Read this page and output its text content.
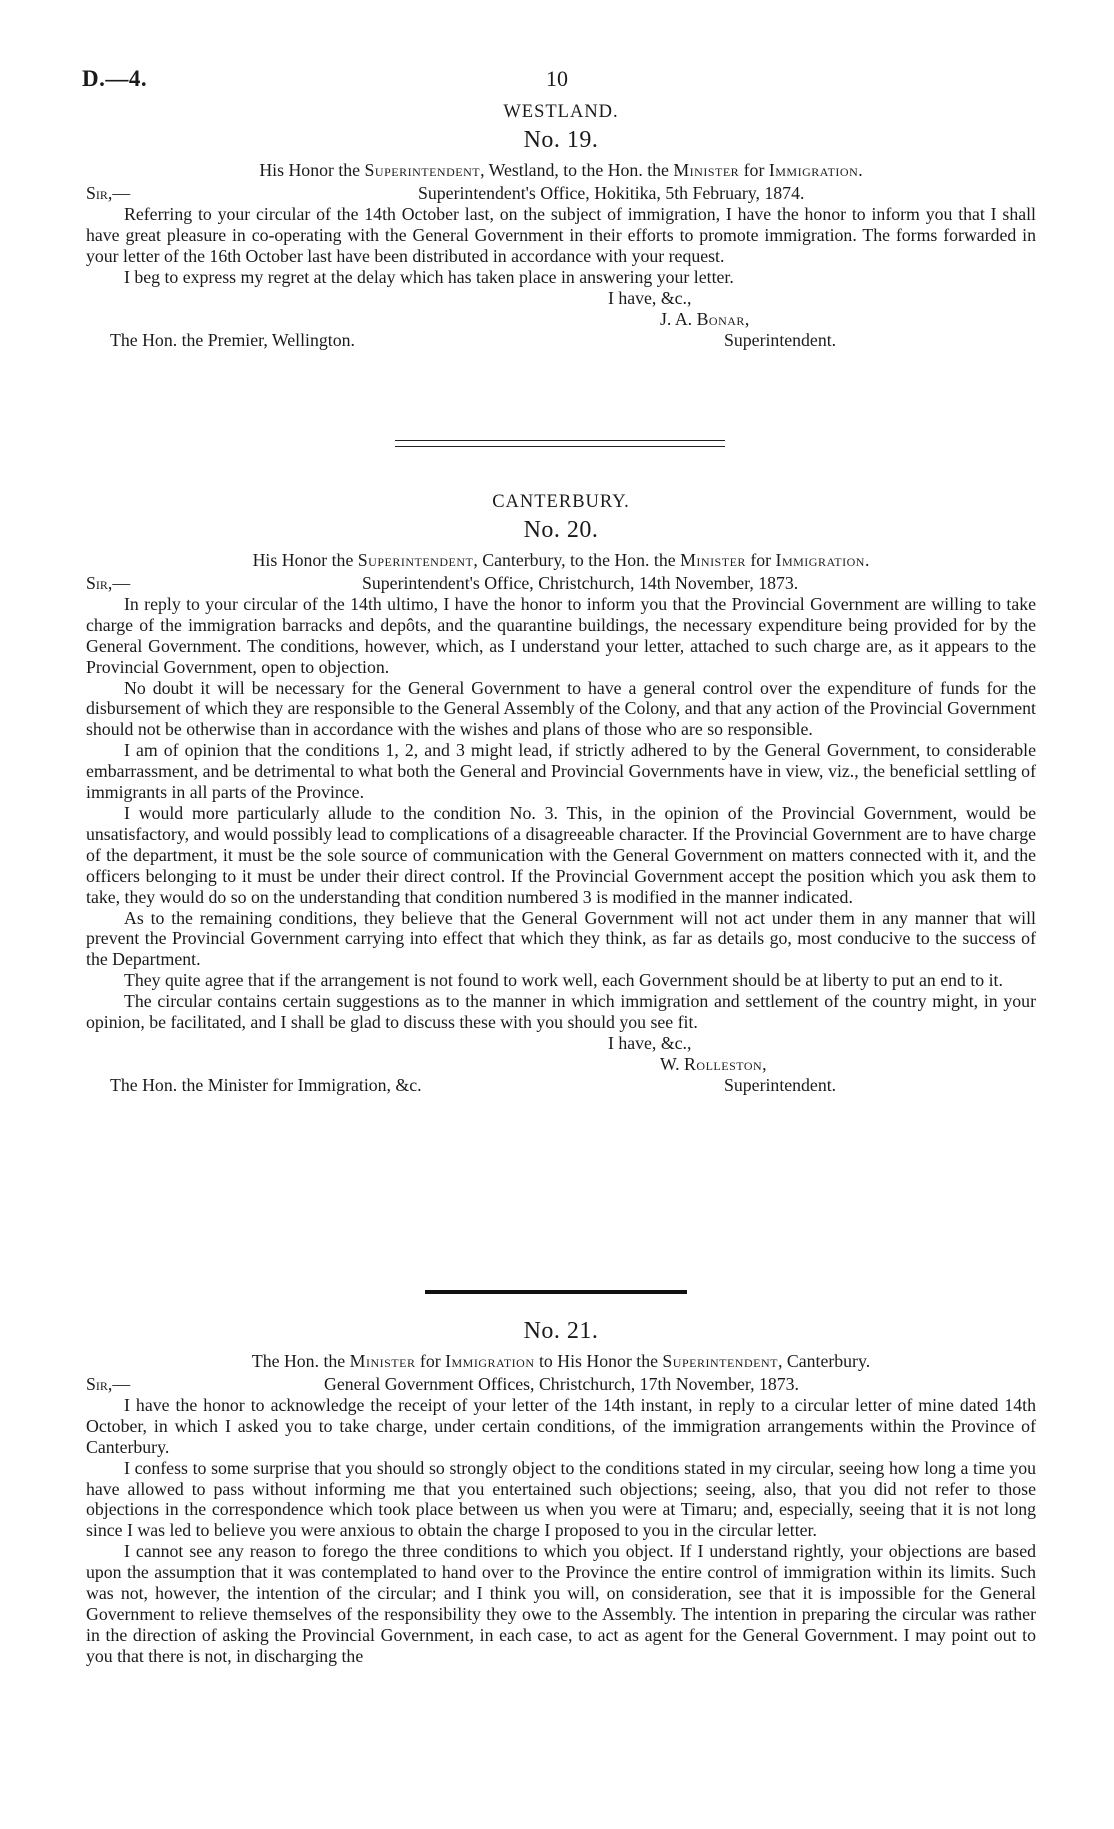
D.—4.	10
WESTLAND.
No. 19.
His Honor the Superintendent, Westland, to the Hon. the Minister for Immigration.
Sir,—	Superintendent's Office, Hokitika, 5th February, 1874.

Referring to your circular of the 14th October last, on the subject of immigration, I have the honor to inform you that I shall have great pleasure in co-operating with the General Government in their efforts to promote immigration. The forms forwarded in your letter of the 16th October last have been distributed in accordance with your request.

I beg to express my regret at the delay which has taken place in answering your letter.

I have, &c.,
J. A. Bonar,
The Hon. the Premier, Wellington.	Superintendent.
CANTERBURY.
No. 20.
His Honor the Superintendent, Canterbury, to the Hon. the Minister for Immigration.
Sir,—	Superintendent's Office, Christchurch, 14th November, 1873.

In reply to your circular of the 14th ultimo, I have the honor to inform you that the Provincial Government are willing to take charge of the immigration barracks and depôts, and the quarantine buildings, the necessary expenditure being provided for by the General Government. The conditions, however, which, as I understand your letter, attached to such charge are, as it appears to the Provincial Government, open to objection.

No doubt it will be necessary for the General Government to have a general control over the expenditure of funds for the disbursement of which they are responsible to the General Assembly of the Colony, and that any action of the Provincial Government should not be otherwise than in accordance with the wishes and plans of those who are so responsible.

I am of opinion that the conditions 1, 2, and 3 might lead, if strictly adhered to by the General Government, to considerable embarrassment, and be detrimental to what both the General and Provincial Governments have in view, viz., the beneficial settling of immigrants in all parts of the Province.

I would more particularly allude to the condition No. 3. This, in the opinion of the Provincial Government, would be unsatisfactory, and would possibly lead to complications of a disagreeable character. If the Provincial Government are to have charge of the department, it must be the sole source of communication with the General Government on matters connected with it, and the officers belonging to it must be under their direct control. If the Provincial Government accept the position which you ask them to take, they would do so on the understanding that condition numbered 3 is modified in the manner indicated.

As to the remaining conditions, they believe that the General Government will not act under them in any manner that will prevent the Provincial Government carrying into effect that which they think, as far as details go, most conducive to the success of the Department.

They quite agree that if the arrangement is not found to work well, each Government should be at liberty to put an end to it.

The circular contains certain suggestions as to the manner in which immigration and settlement of the country might, in your opinion, be facilitated, and I shall be glad to discuss these with you should you see fit.

I have, &c.,
W. Rolleston,
The Hon. the Minister for Immigration, &c.	Superintendent.
No. 21.
The Hon. the Minister for Immigration to His Honor the Superintendent, Canterbury.
Sir,—	General Government Offices, Christchurch, 17th November, 1873.

I have the honor to acknowledge the receipt of your letter of the 14th instant, in reply to a circular letter of mine dated 14th October, in which I asked you to take charge, under certain conditions, of the immigration arrangements within the Province of Canterbury.

I confess to some surprise that you should so strongly object to the conditions stated in my circular, seeing how long a time you have allowed to pass without informing me that you entertained such objections; seeing, also, that you did not refer to those objections in the correspondence which took place between us when you were at Timaru; and, especially, seeing that it is not long since I was led to believe you were anxious to obtain the charge I proposed to you in the circular letter.

I cannot see any reason to forego the three conditions to which you object. If I understand rightly, your objections are based upon the assumption that it was contemplated to hand over to the Province the entire control of immigration within its limits. Such was not, however, the intention of the circular; and I think you will, on consideration, see that it is impossible for the General Government to relieve themselves of the responsibility they owe to the Assembly. The intention in preparing the circular was rather in the direction of asking the Provincial Government, in each case, to act as agent for the General Government. I may point out to you that there is not, in discharging the
